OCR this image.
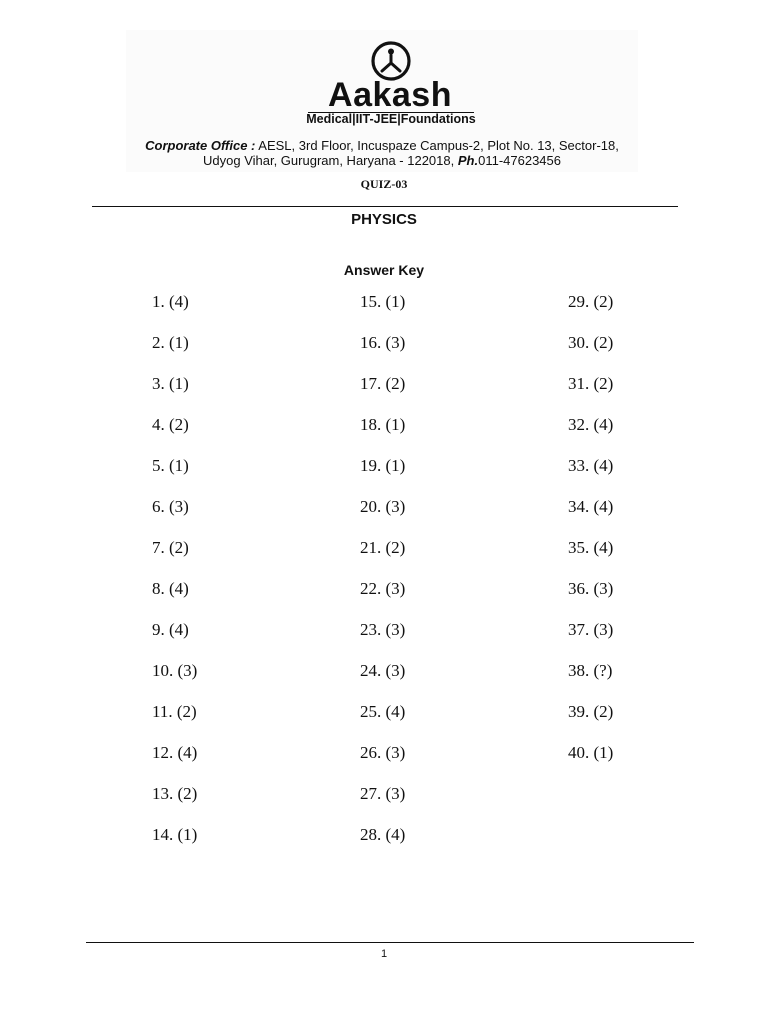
Aakash
Medical|IIT-JEE|Foundations
Corporate Office : AESL, 3rd Floor, Incuspaze Campus-2, Plot No. 13, Sector-18,
Udyog Vihar, Gurugram, Haryana - 122018, Ph.011-47623456
QUIZ-03
PHYSICS
Answer Key
1. (4)
2. (1)
3. (1)
4. (2)
5. (1)
6. (3)
7. (2)
8. (4)
9. (4)
10. (3)
11. (2)
12. (4)
13. (2)
14. (1)
15. (1)
16. (3)
17. (2)
18. (1)
19. (1)
20. (3)
21. (2)
22. (3)
23. (3)
24. (3)
25. (4)
26. (3)
27. (3)
28. (4)
29. (2)
30. (2)
31. (2)
32. (4)
33. (4)
34. (4)
35. (4)
36. (3)
37. (3)
38. (?)
39. (2)
40. (1)
1
